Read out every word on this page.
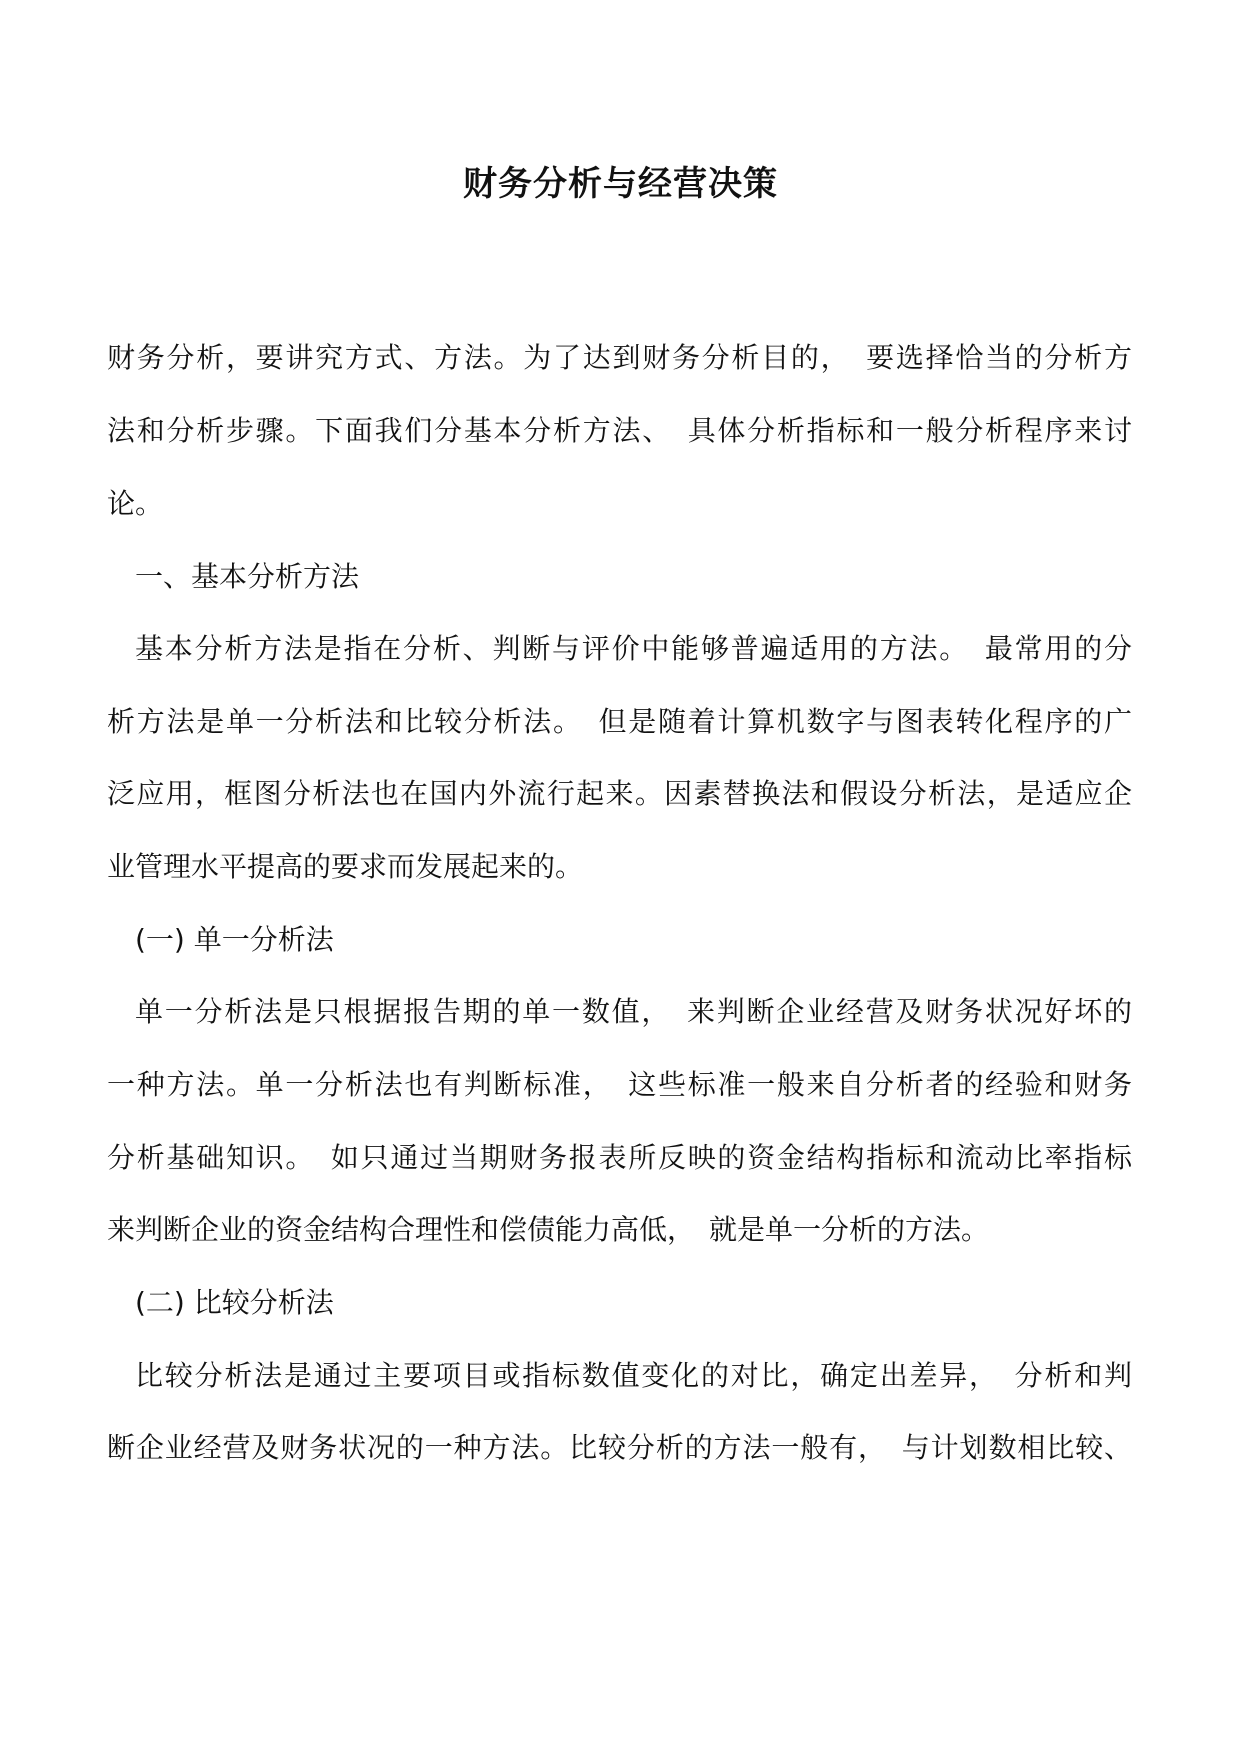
财务分析与经营决策
财务分析，要讲究方式、方法。为了达到财务分析目的，　要选择恰当的分析方
法和分析步骤。下面我们分基本分析方法、　具体分析指标和一般分析程序来讨
论。
一、基本分析方法
基本分析方法是指在分析、判断与评价中能够普遍适用的方法。　最常用的分
析方法是单一分析法和比较分析法。　但是随着计算机数字与图表转化程序的广
泛应用，框图分析法也在国内外流行起来。因素替换法和假设分析法，是适应企
业管理水平提高的要求而发展起来的。
(一) 单一分析法
单一分析法是只根据报告期的单一数值，　来判断企业经营及财务状况好坏的
一种方法。单一分析法也有判断标准，　这些标准一般来自分析者的经验和财务
分析基础知识。　如只通过当期财务报表所反映的资金结构指标和流动比率指标
来判断企业的资金结构合理性和偿债能力高低，　就是单一分析的方法。
(二) 比较分析法
比较分析法是通过主要项目或指标数值变化的对比，确定出差异，　分析和判
断企业经营及财务状况的一种方法。比较分析的方法一般有，　与计划数相比较、
